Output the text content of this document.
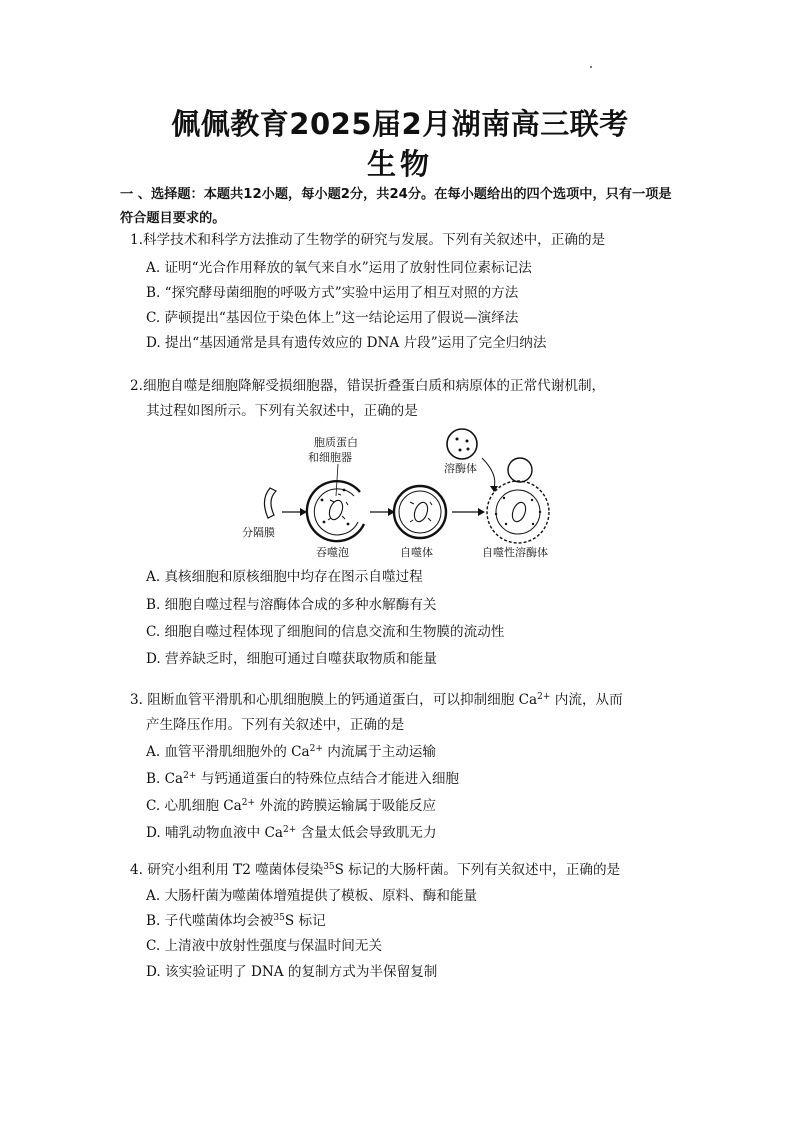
佩佩教育2025届2月湖南高三联考
生物
一 、选择题：本题共12小题，每小题2分，共24分。在每小题给出的四个选项中，只有一项是符合题目要求的。
1.科学技术和科学方法推动了生物学的研究与发展。下列有关叙述中，正确的是
A. 证明“光合作用释放的氧气来自水”运用了放射性同位素标记法
B. “探究酵母菌细胞的呼吸方式”实验中运用了相互对照的方法
C. 萨顿提出“基因位于染色体上”这一结论运用了假说—演绎法
D. 提出“基因通常是具有遗传效应的 DNA 片段”运用了完全归纳法
2.细胞自噬是细胞降解受损细胞器，错误折叠蛋白质和病原体的正常代谢机制，
其过程如图所示。下列有关叙述中，正确的是
分隔膜
胞质蛋白
和细胞器
吞噬泡	自噬体
溶酶体
自噬性溶酶体
A. 真核细胞和原核细胞中均存在图示自噬过程
B. 细胞自噬过程与溶酶体合成的多种水解酶有关
C. 细胞自噬过程体现了细胞间的信息交流和生物膜的流动性
D. 营养缺乏时，细胞可通过自噬获取物质和能量
3. 阻断血管平滑肌和心肌细胞膜上的钙通道蛋白，可以抑制细胞 $Ca^{2+}$ 内流，从而
产生降压作用。下列有关叙述中，正确的是
A. 血管平滑肌细胞外的 $Ca^{2+}$ 内流属于主动运输
B. $Ca^{2+}$ 与钙通道蛋白的特殊位点结合才能进入细胞
C. 心肌细胞 $Ca^{2+}$ 外流的跨膜运输属于吸能反应
D. 哺乳动物血液中 $Ca^{2+}$ 含量太低会导致肌无力
4. 研究小组利用 T2 噬菌体侵染$^{35}$S 标记的大肠杆菌。下列有关叙述中，正确的是
A. 大肠杆菌为噬菌体增殖提供了模板、原料、酶和能量
B. 子代噬菌体均会被$^{35}$S 标记
C. 上清液中放射性强度与保温时间无关
D. 该实验证明了 DNA 的复制方式为半保留复制
